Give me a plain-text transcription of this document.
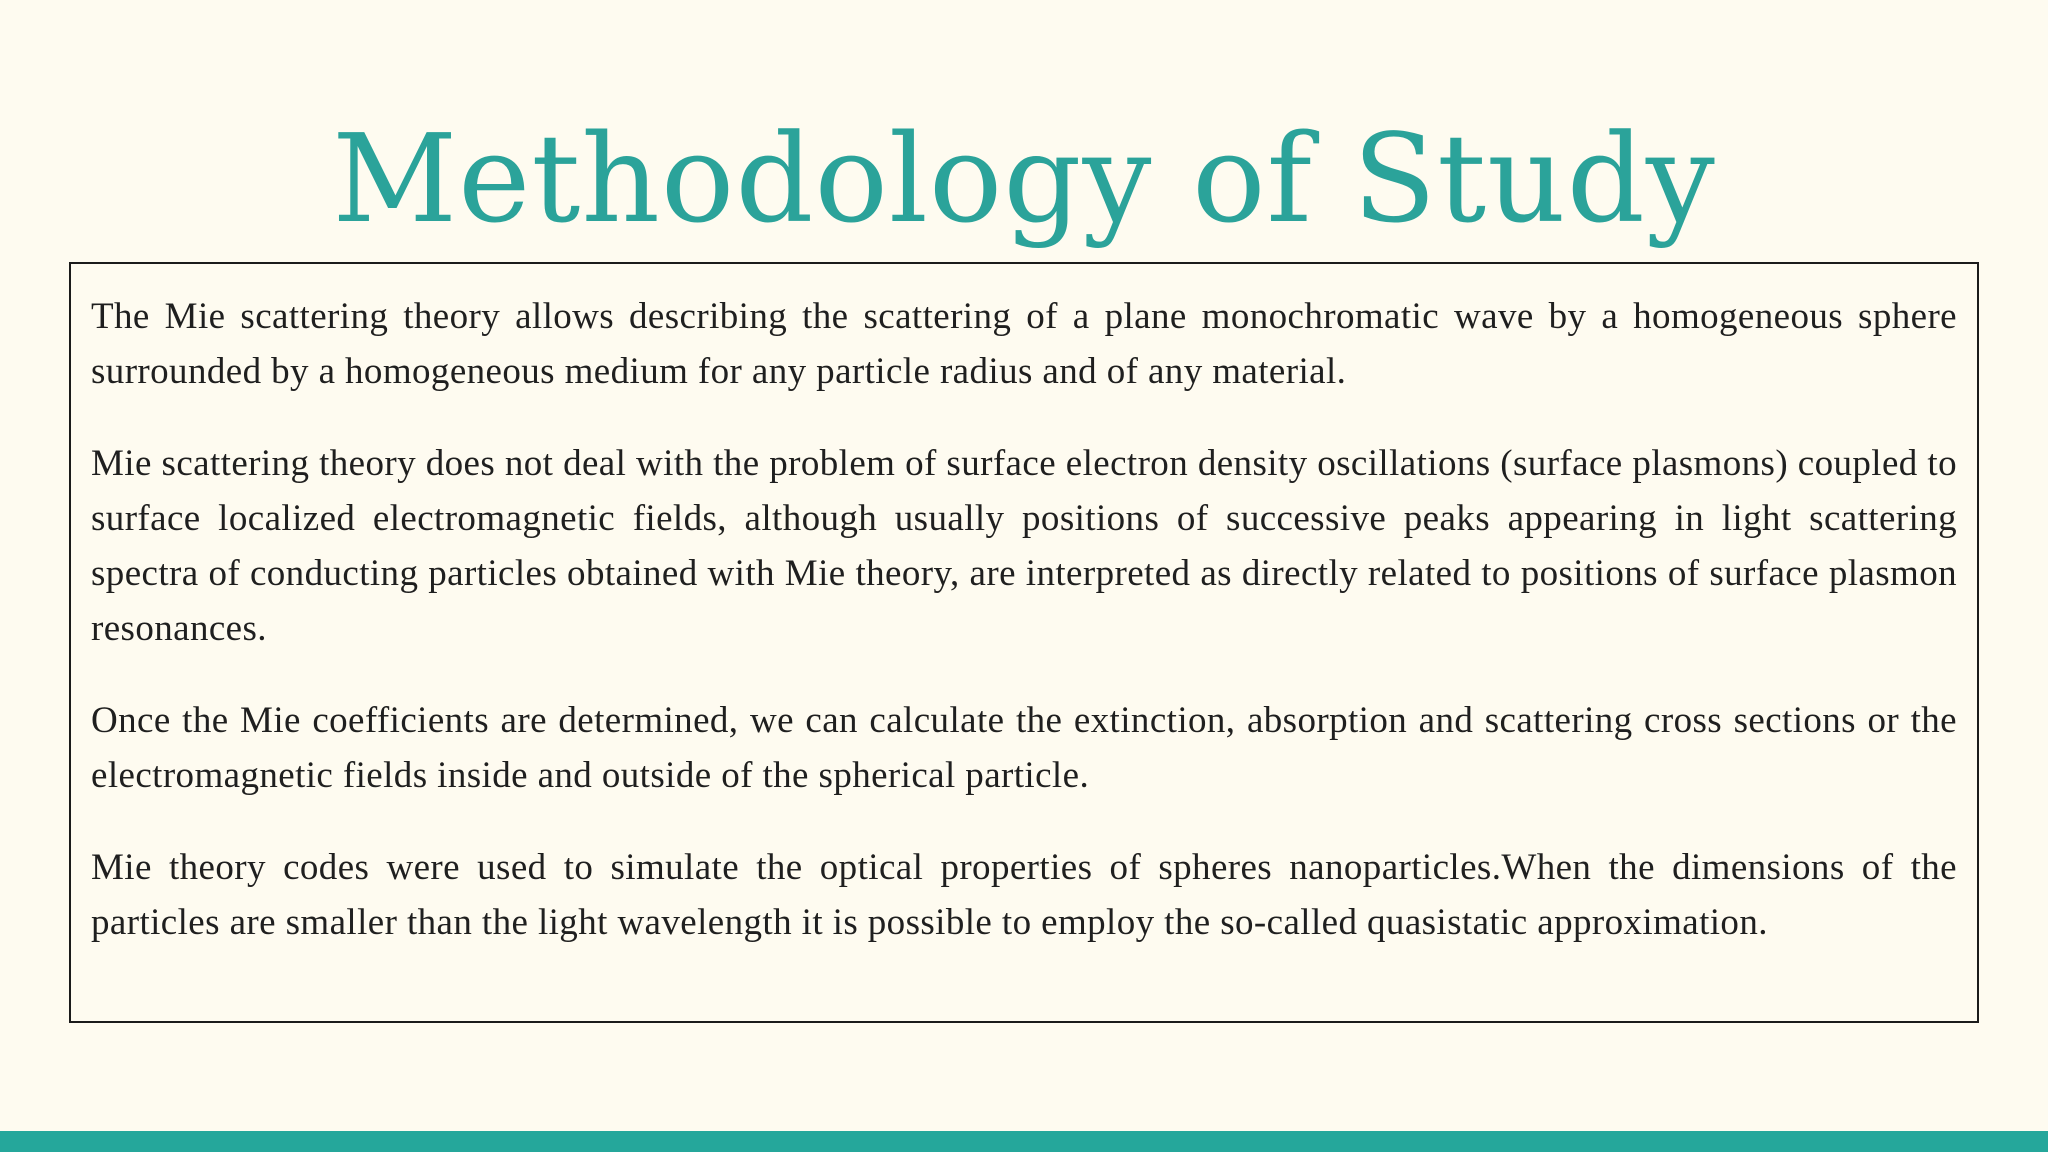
Methodology of Study

The Mie scattering theory allows describing the scattering of a plane monochromatic wave by a homogeneous sphere surrounded by a homogeneous medium for any particle radius and of any material.

Mie scattering theory does not deal with the problem of surface electron density oscillations (surface plasmons) coupled to surface localized electromagnetic fields, although usually positions of successive peaks appearing in light scattering spectra of conducting particles obtained with Mie theory, are interpreted as directly related to positions of surface plasmon resonances.

Once the Mie coefficients are determined, we can calculate the extinction, absorption and scattering cross sections or the electromagnetic fields inside and outside of the spherical particle.

Mie theory codes were used to simulate the optical properties of spheres nanoparticles.When the dimensions of the particles are smaller than the light wavelength it is possible to employ the so-called quasistatic approximation.
